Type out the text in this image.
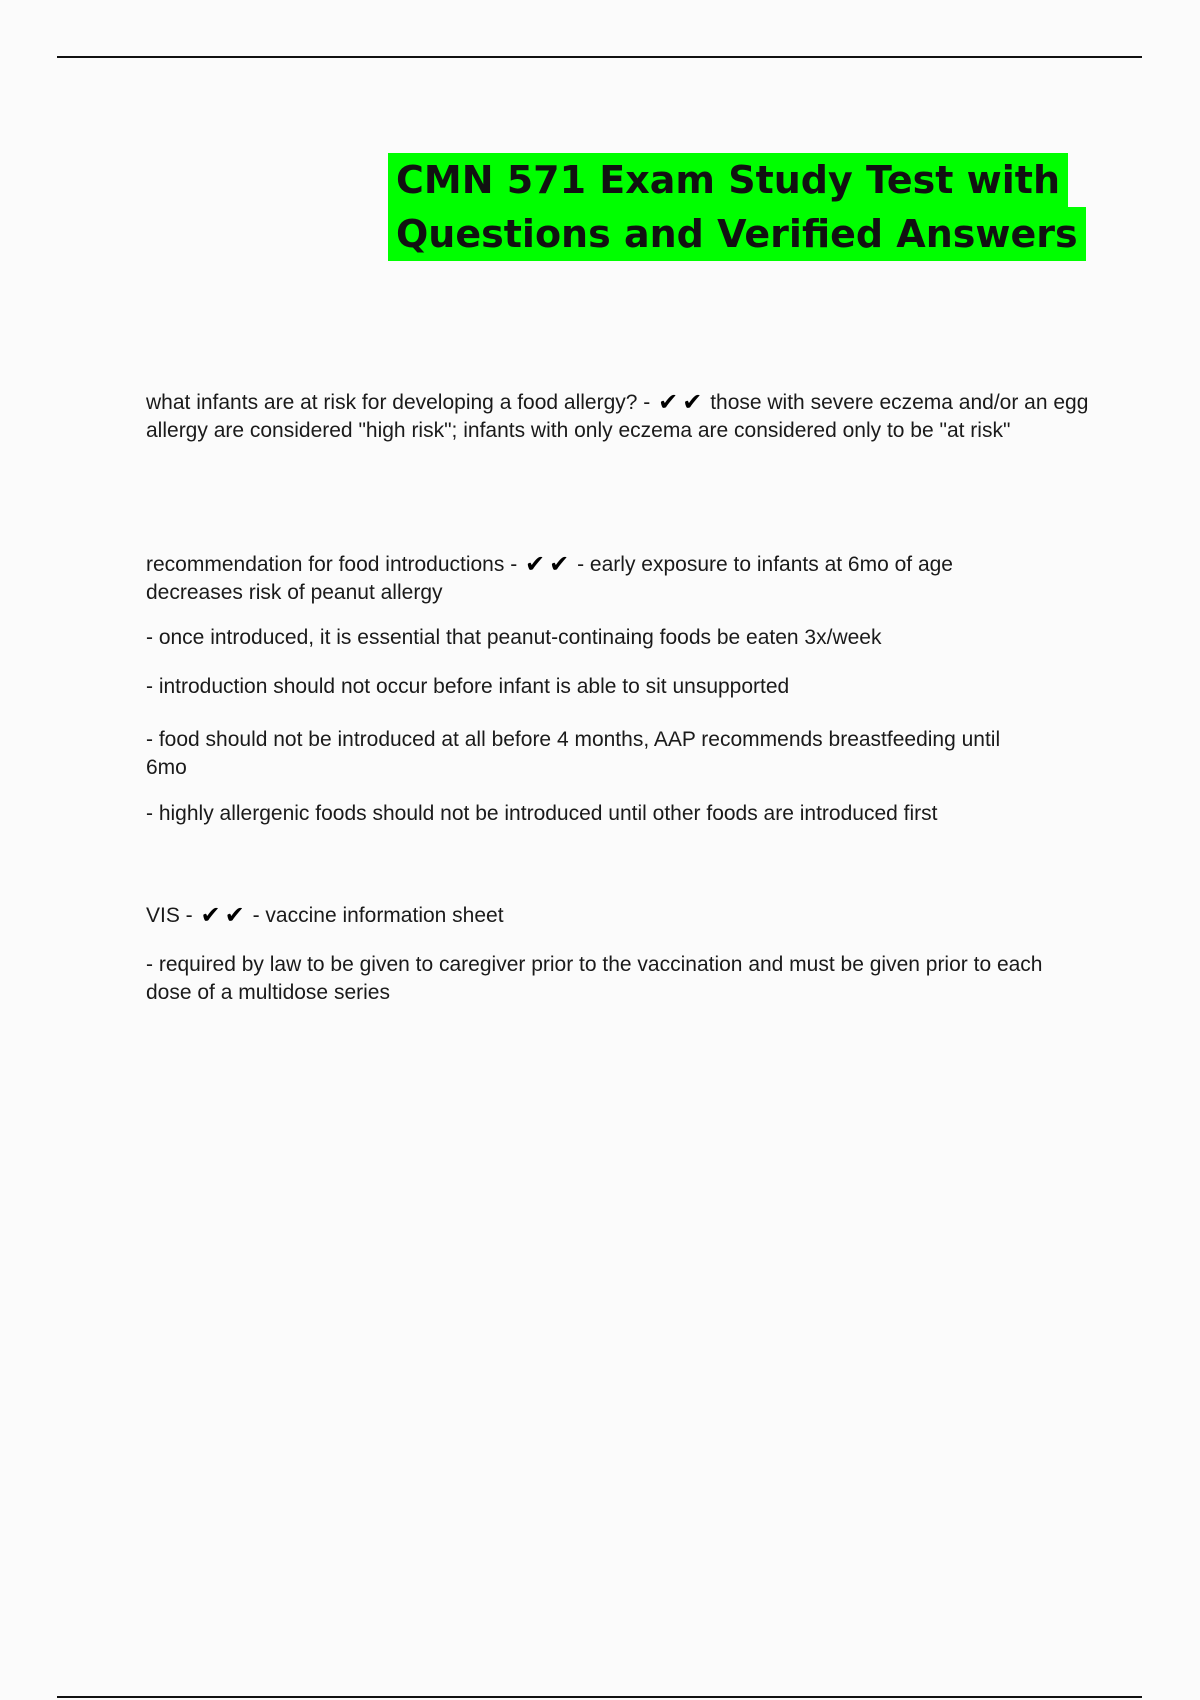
CMN 571 Exam Study Test with
Questions and Verified Answers
what infants are at risk for developing a food allergy? - ✔ ✔ those with severe eczema and/or an egg allergy are considered "high risk"; infants with only eczema are considered only to be "at risk"
recommendation for food introductions - ✔ ✔ - early exposure to infants at 6mo of age decreases risk of peanut allergy
- once introduced, it is essential that peanut-continaing foods be eaten 3x/week
- introduction should not occur before infant is able to sit unsupported
- food should not be introduced at all before 4 months, AAP recommends breastfeeding until 6mo
- highly allergenic foods should not be introduced until other foods are introduced first
VIS - ✔ ✔ - vaccine information sheet
- required by law to be given to caregiver prior to the vaccination and must be given prior to each dose of a multidose series
